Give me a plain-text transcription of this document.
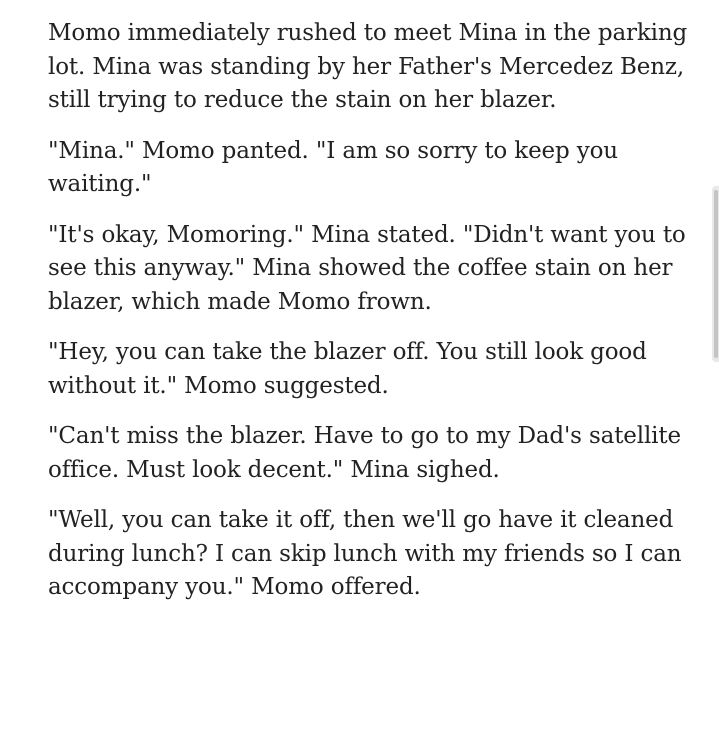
Momo immediately rushed to meet Mina in the parking lot. Mina was standing by her Father's Mercedez Benz, still trying to reduce the stain on her blazer.

"Mina." Momo panted. "I am so sorry to keep you waiting."

"It's okay, Momoring." Mina stated. "Didn't want you to see this anyway." Mina showed the coffee stain on her blazer, which made Momo frown.

"Hey, you can take the blazer off. You still look good without it." Momo suggested.

"Can't miss the blazer. Have to go to my Dad's satellite office. Must look decent." Mina sighed.

"Well, you can take it off, then we'll go have it cleaned during lunch? I can skip lunch with my friends so I can accompany you." Momo offered.
